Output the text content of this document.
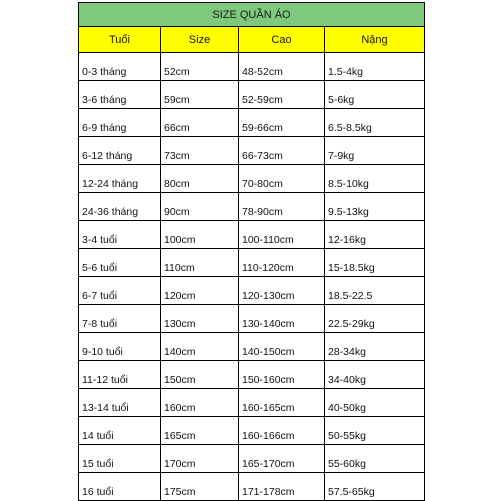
SIZE QUẦN ÁO			
Tuổi	Size	Cao	Nặng
0-3 tháng	52cm	48-52cm	1.5-4kg
3-6 tháng	59cm	52-59cm	5-6kg
6-9 tháng	66cm	59-66cm	6.5-8.5kg
6-12 tháng	73cm	66-73cm	7-9kg
12-24 tháng	80cm	70-80cm	8.5-10kg
24-36 tháng	90cm	78-90cm	9.5-13kg
3-4 tuổi	100cm	100-110cm	12-16kg
5-6 tuổi	110cm	110-120cm	15-18.5kg
6-7 tuổi	120cm	120-130cm	18.5-22.5
7-8 tuổi	130cm	130-140cm	22.5-29kg
9-10 tuổi	140cm	140-150cm	28-34kg
11-12 tuổi	150cm	150-160cm	34-40kg
13-14 tuổi	160cm	160-165cm	40-50kg
14 tuổi	165cm	160-166cm	50-55kg
15 tuổi	170cm	165-170cm	55-60kg
16 tuổi	175cm	171-178cm	57.5-65kg
